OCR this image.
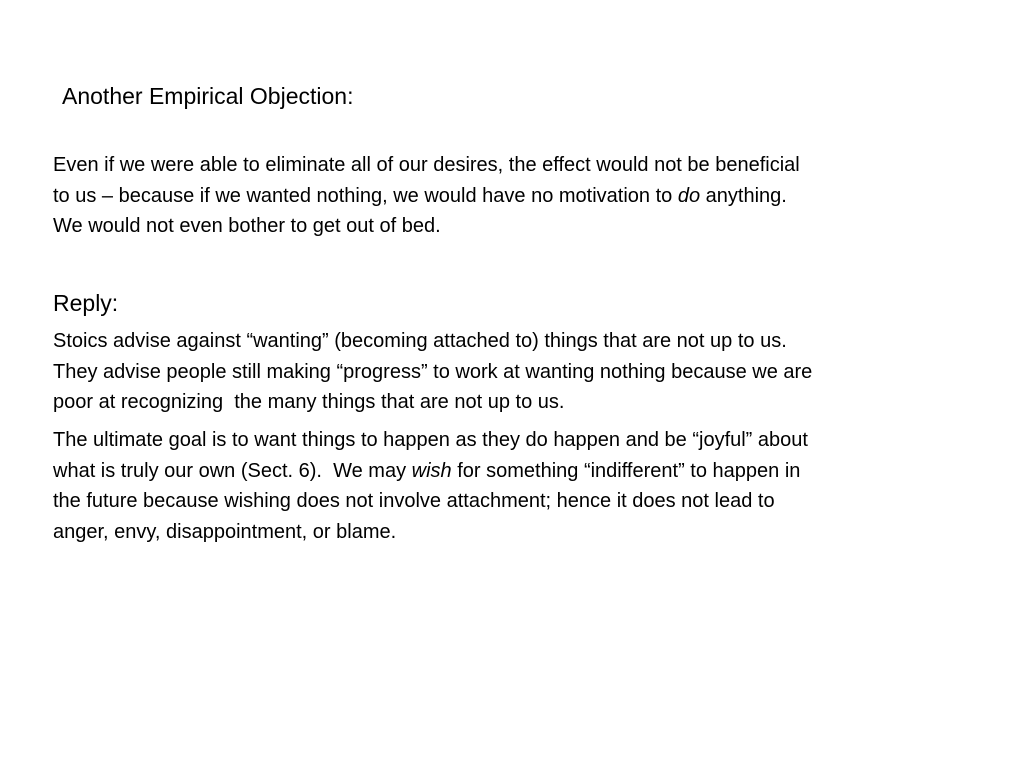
Another Empirical Objection:
Even if we were able to eliminate all of our desires, the effect would not be beneficial
to us – because if we wanted nothing, we would have no motivation to do anything.
We would not even bother to get out of bed.
Reply:
Stoics advise against “wanting” (becoming attached to) things that are not up to us.
They advise people still making “progress” to work at wanting nothing because we are
poor at recognizing  the many things that are not up to us.
The ultimate goal is to want things to happen as they do happen and be “joyful” about
what is truly our own (Sect. 6).  We may wish for something “indifferent” to happen in
the future because wishing does not involve attachment; hence it does not lead to
anger, envy, disappointment, or blame.
